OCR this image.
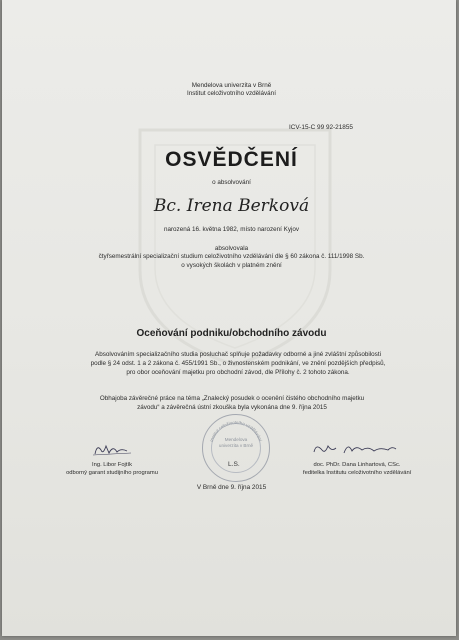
Mendelova univerzita v Brně
Institut celoživotního vzdělávání
ICV-15-C 99 92-21855
OSVĚDČENÍ
o absolvování
Bc. Irena Berková
narozená 16. května 1982, místo narození Kyjov
absolvovala
čtyřsemestrální specializační studium celoživotního vzdělávání dle § 60 zákona č. 111/1998 Sb.
o vysokých školách v platném znění
Oceňování podniku/obchodního závodu
Absolvováním specializačního studia posluchač splňuje požadavky odborné a jiné zvláštní způsobilosti podle § 24 odst. 1 a 2 zákona č. 455/1991 Sb., o živnostenském podnikání, ve znění pozdějších předpisů, pro obor oceňování majetku pro obchodní závod, dle Přílohy č. 2 tohoto zákona.
Obhajoba závěrečné práce na téma „Znalecký posudek o ocenění čistého obchodního majetku závodu“ a závěrečná ústní zkouška byla vykonána dne 9. října 2015
Ing. Libor Fojtík
odborný garant studijního programu
Institut celoživotního vzdělávání
Mendelova univerzita v Brně
L.S.	doc. PhDr. Dana Linhartová, CSc.
ředitelka Institutu celoživotního vzdělávání
V Brně dne 9. října 2015
